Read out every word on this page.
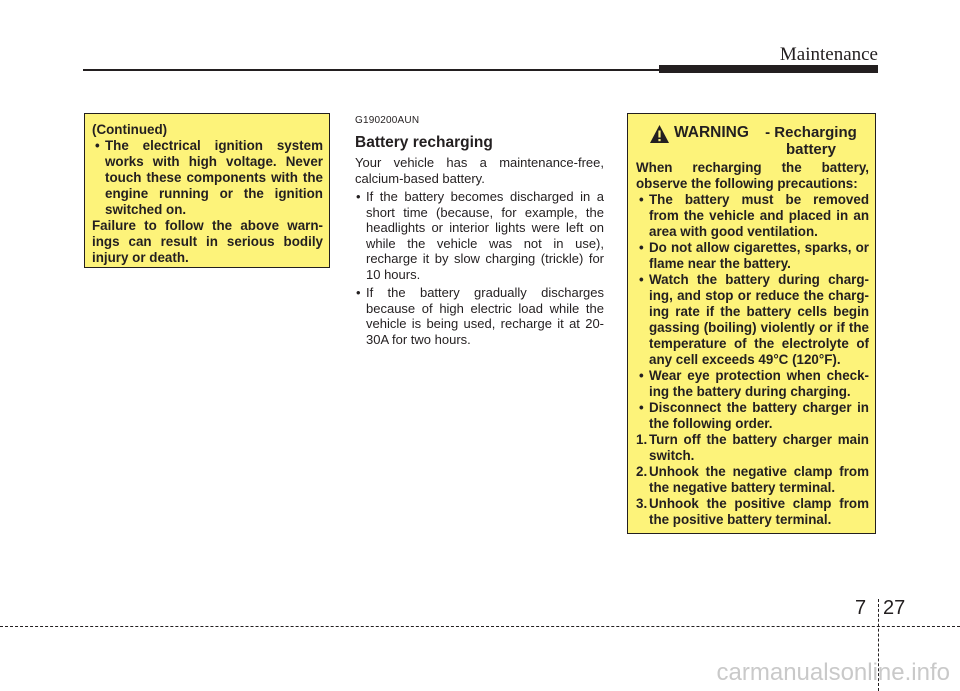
Maintenance
(Continued)
• The electrical ignition system works with high voltage. Never touch these components with the engine running or the ignition switched on.
Failure to follow the above warn-ings can result in serious bodily injury or death.
G190200AUN
Battery recharging
Your vehicle has a maintenance-free, calcium-based battery.
• If the battery becomes discharged in a short time (because, for example, the headlights or interior lights were left on while the vehicle was not in use), recharge it by slow charging (trickle) for 10 hours.
• If the battery gradually discharges because of high electric load while the vehicle is being used, recharge it at 20-30A for two hours.
WARNING	- Recharging battery
When recharging the battery, observe the following precautions:
• The battery must be removed from the vehicle and placed in an area with good ventilation.
• Do not allow cigarettes, sparks, or flame near the battery.
• Watch the battery during charg-ing, and stop or reduce the charg-ing rate if the battery cells begin gassing (boiling) violently or if the temperature of the electrolyte of any cell exceeds 49°C (120°F).
• Wear eye protection when check-ing the battery during charging.
• Disconnect the battery charger in the following order.
1. Turn off the battery charger main switch.
2. Unhook the negative clamp from the negative battery terminal.
3. Unhook the positive clamp from the positive battery terminal.
7 27
carmanualsonline.info
